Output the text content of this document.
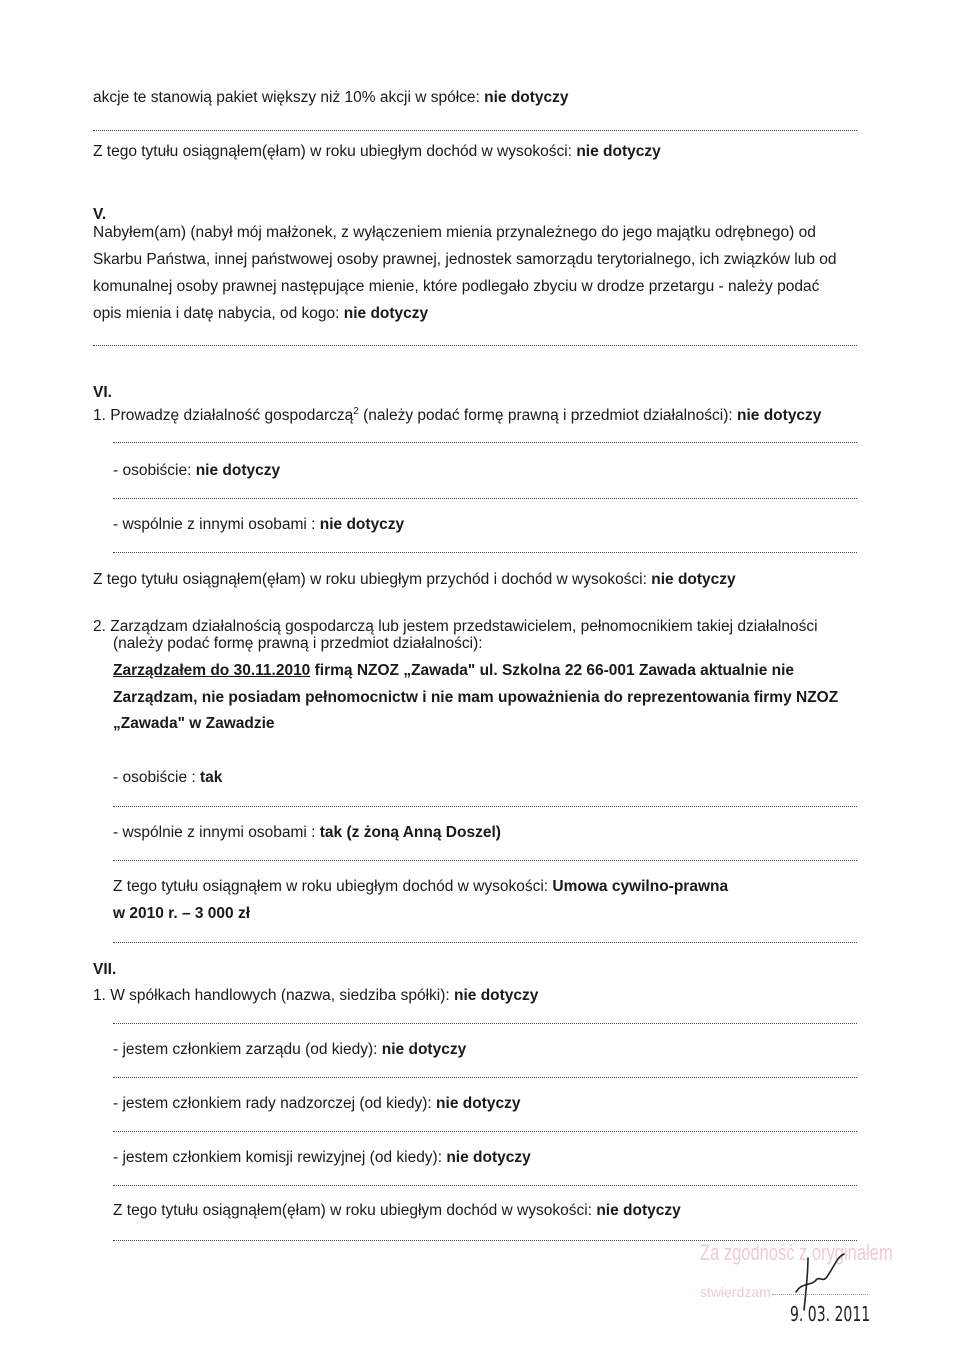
akcje te stanowią pakiet większy niż 10% akcji w spółce: nie dotyczy
Z tego tytułu osiągnąłem(ęłam) w roku ubiegłym dochód w wysokości: nie dotyczy
V.
Nabyłem(am) (nabył mój małżonek, z wyłączeniem mienia przynależnego do jego majątku odrębnego) od
Skarbu Państwa, innej państwowej osoby prawnej, jednostek samorządu terytorialnego, ich związków lub od
komunalnej osoby prawnej następujące mienie, które podlegało zbyciu w drodze przetargu - należy podać
opis mienia i datę nabycia, od kogo: nie dotyczy
VI.
1. Prowadzę działalność gospodarczą$^2$ (należy podać formę prawną i przedmiot działalności): nie dotyczy
- osobiście: nie dotyczy
- wspólnie z innymi osobami : nie dotyczy
Z tego tytułu osiągnąłem(ęłam) w roku ubiegłym przychód i dochód w wysokości: nie dotyczy
2. Zarządzam działalnością gospodarczą lub jestem przedstawicielem, pełnomocnikiem takiej działalności
(należy podać formę prawną i przedmiot działalności):
Zarządzałem do 30.11.2010 firmą NZOZ „Zawada" ul. Szkolna 22 66-001 Zawada aktualnie nie
Zarządzam, nie posiadam pełnomocnictw i nie mam upoważnienia do reprezentowania firmy NZOZ
„Zawada" w Zawadzie
- osobiście : tak
- wspólnie z innymi osobami : tak (z żoną Anną Doszel)
Z tego tytułu osiągnąłem w roku ubiegłym dochód w wysokości: Umowa cywilno-prawna
w 2010 r. – 3 000 zł
VII.
1. W spółkach handlowych (nazwa, siedziba spółki): nie dotyczy
- jestem członkiem zarządu (od kiedy): nie dotyczy
- jestem członkiem rady nadzorczej (od kiedy): nie dotyczy
- jestem członkiem komisji rewizyjnej (od kiedy): nie dotyczy
Z tego tytułu osiągnąłem(ęłam) w roku ubiegłym dochód w wysokości: nie dotyczy
Za zgodność z oryginałem
stwierdzam
9. 03. 2011
